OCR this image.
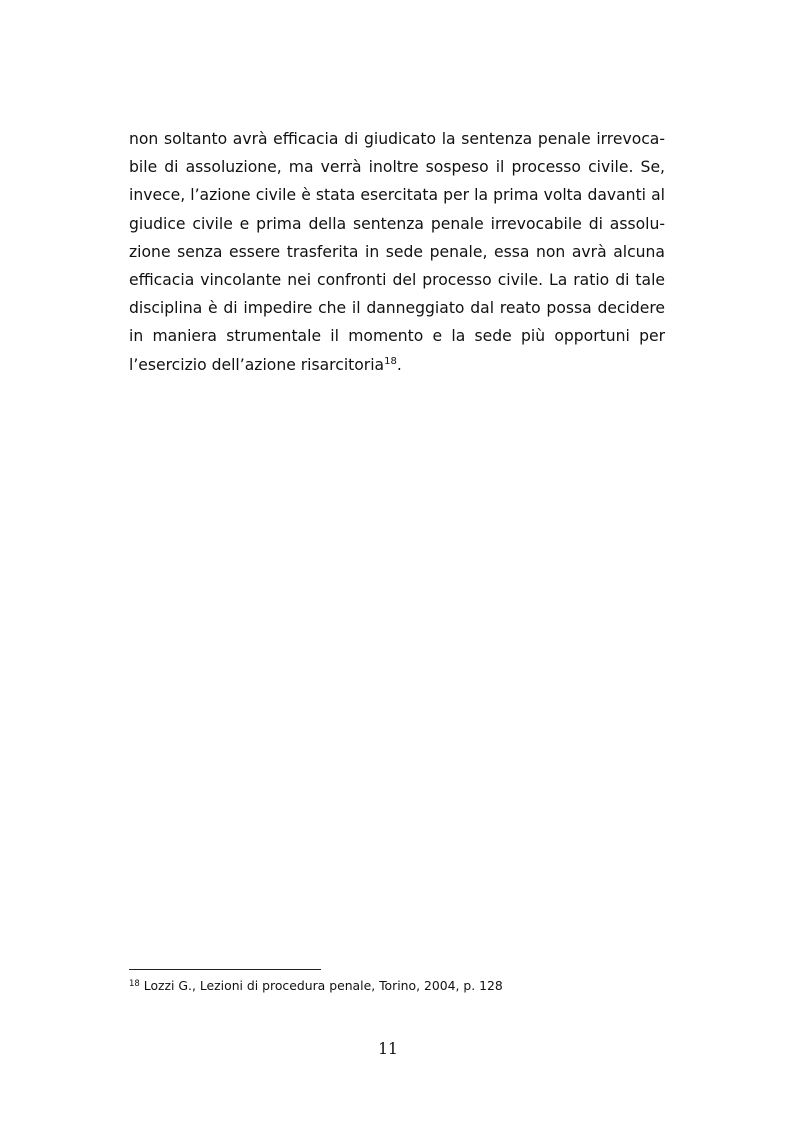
non soltanto avrà efficacia di giudicato la sentenza penale irrevoca-
bile di assoluzione, ma verrà inoltre sospeso il processo civile. Se,
invece, l’azione civile è stata esercitata per la prima volta davanti al
giudice civile e prima della sentenza penale irrevocabile di assolu-
zione senza essere trasferita in sede penale, essa non avrà alcuna
efficacia vincolante nei confronti del processo civile. La ratio di tale
disciplina è di impedire che il danneggiato dal reato possa decidere
in maniera strumentale il momento e la sede più opportuni per
l’esercizio dell’azione risarcitoria$^{18}$.
$^{18}$ Lozzi G., Lezioni di procedura penale, Torino, 2004, p. 128
11
